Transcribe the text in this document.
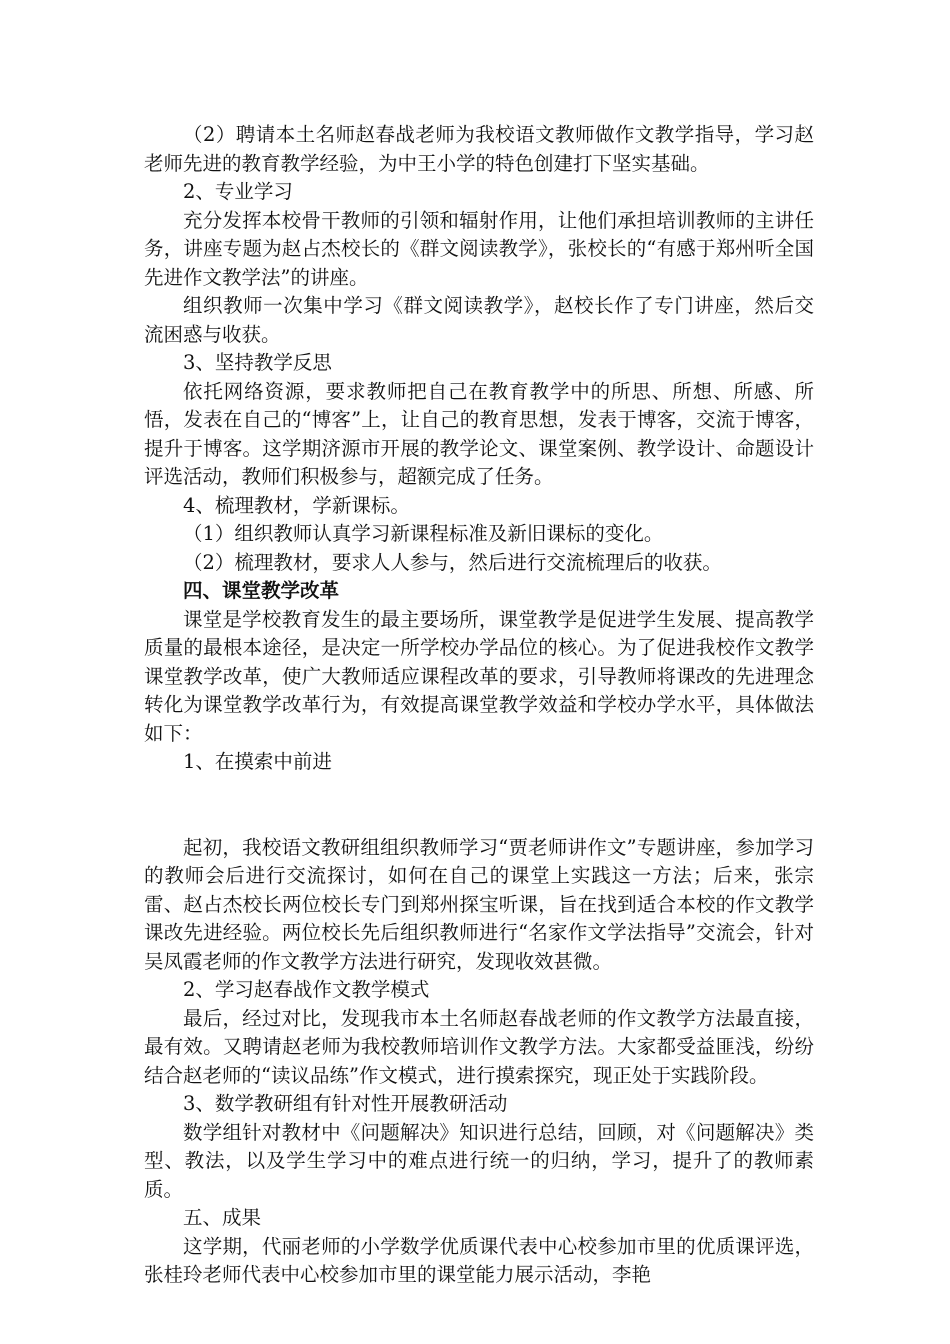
（2）聘请本土名师赵春战老师为我校语文教师做作文教学指导，学习赵老师先进的教育教学经验，为中王小学的特色创建打下坚实基础。

2、专业学习

充分发挥本校骨干教师的引领和辐射作用，让他们承担培训教师的主讲任务，讲座专题为赵占杰校长的《群文阅读教学》，张校长的“有感于郑州听全国先进作文教学法”的讲座。

组织教师一次集中学习《群文阅读教学》，赵校长作了专门讲座，然后交流困惑与收获。

3、坚持教学反思

依托网络资源，要求教师把自己在教育教学中的所思、所想、所感、所悟，发表在自己的“博客”上，让自己的教育思想，发表于博客，交流于博客，提升于博客。这学期济源市开展的教学论文、课堂案例、教学设计、命题设计评选活动，教师们积极参与，超额完成了任务。

4、梳理教材，学新课标。

（1）组织教师认真学习新课程标准及新旧课标的变化。

（2）梳理教材，要求人人参与，然后进行交流梳理后的收获。

四、课堂教学改革

课堂是学校教育发生的最主要场所，课堂教学是促进学生发展、提高教学质量的最根本途径，是决定一所学校办学品位的核心。为了促进我校作文教学课堂教学改革，使广大教师适应课程改革的要求，引导教师将课改的先进理念转化为课堂教学改革行为，有效提高课堂教学效益和学校办学水平，具体做法如下：

1、在摸索中前进

起初，我校语文教研组组织教师学习“贾老师讲作文”专题讲座，参加学习的教师会后进行交流探讨，如何在自己的课堂上实践这一方法；后来，张宗雷、赵占杰校长两位校长专门到郑州探宝听课，旨在找到适合本校的作文教学课改先进经验。两位校长先后组织教师进行“名家作文学法指导”交流会，针对吴凤霞老师的作文教学方法进行研究，发现收效甚微。

2、学习赵春战作文教学模式

最后，经过对比，发现我市本土名师赵春战老师的作文教学方法最直接，最有效。又聘请赵老师为我校教师培训作文教学方法。大家都受益匪浅，纷纷结合赵老师的“读议品练”作文模式，进行摸索探究，现正处于实践阶段。

3、数学教研组有针对性开展教研活动

数学组针对教材中《问题解决》知识进行总结，回顾，对《问题解决》类型、教法，以及学生学习中的难点进行统一的归纳，学习，提升了的教师素质。

五、成果

这学期，代丽老师的小学数学优质课代表中心校参加市里的优质课评选，张桂玲老师代表中心校参加市里的课堂能力展示活动，李艳
